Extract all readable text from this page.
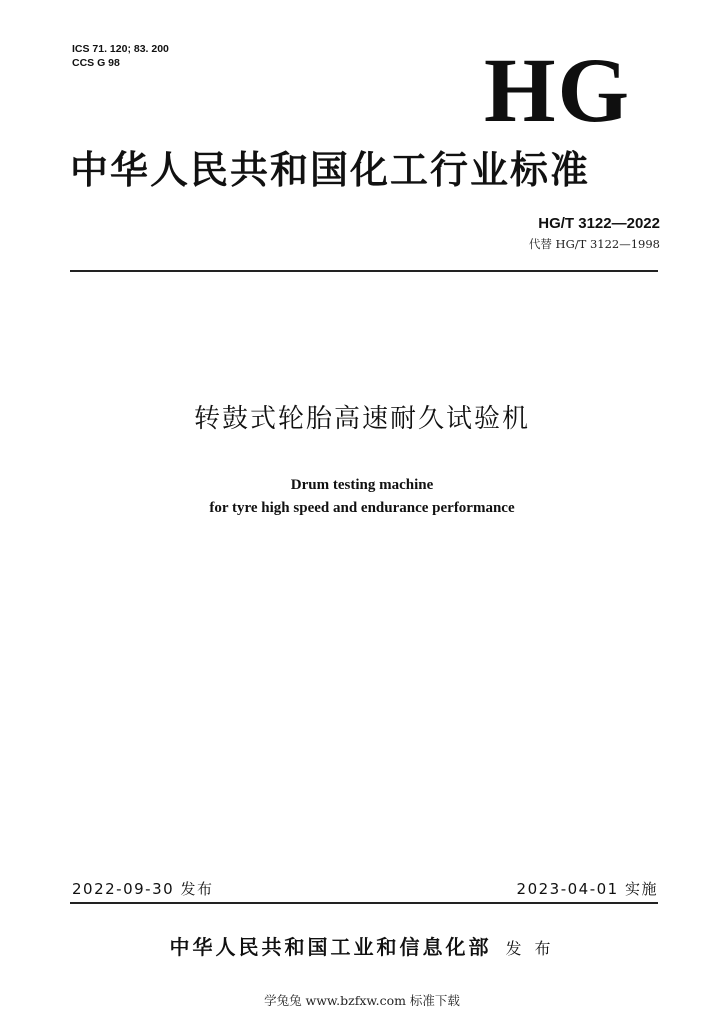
ICS 71. 120; 83. 200
CCS G 98	HG
中华人民共和国化工行业标准
HG/T 3122—2022
代替 HG/T 3122—1998
转鼓式轮胎高速耐久试验机
Drum testing machine
for tyre high speed and endurance performance
2022-09-30 发布	2023-04-01 实施
中华人民共和国工业和信息化部 发 布
学兔兔 www.bzfxw.com 标准下载
